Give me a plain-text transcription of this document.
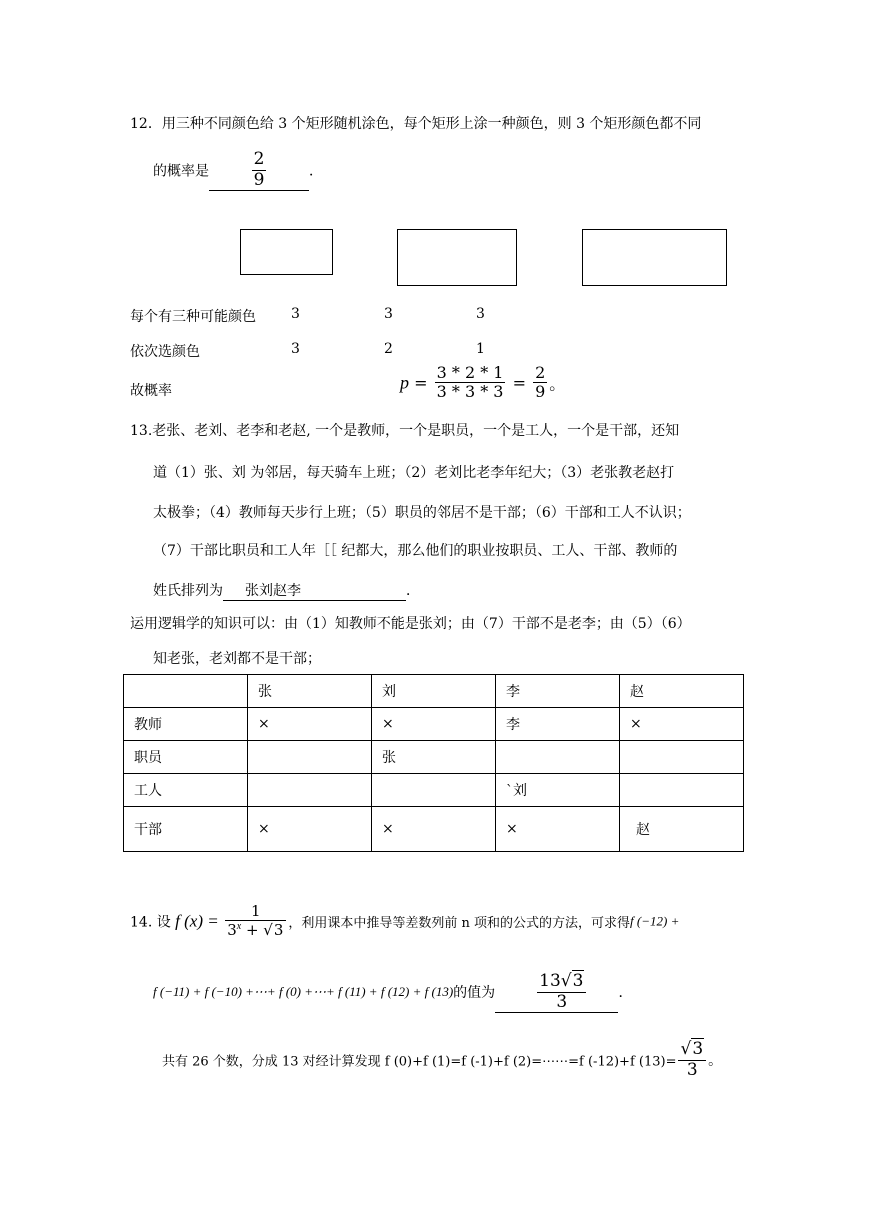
12．用三种不同颜色给 3 个矩形随机涂色，每个矩形上涂一种颜色，则 3 个矩形颜色都不同
的概率是	$\frac{2}{9}$	．
每个有三种可能颜色	3	3	3
依次选颜色	3	2	1
故概率	$p = \frac{3 * 2 * 1}{3 * 3 * 3} = \frac{2}{9}$ 。
13.老张、老刘、老李和老赵, 一个是教师，一个是职员，一个是工人，一个是干部，还知
道（1）张、刘 为邻居，每天骑车上班；（2）老刘比老李年纪大；（3）老张教老赵打
太极拳；（4）教师每天步行上班；（5）职员的邻居不是干部；（6）干部和工人不认识；
（7）干部比职员和工人年［［ 纪都大，那么他们的职业按职员、工人、干部、教师的
姓氏排列为 张刘赵李	．
运用逻辑学的知识可以：由（1）知教师不能是张刘；由（7）干部不是老李；由（5）（6）
知老张，老刘都不是干部；
	张	刘	李	赵
教师	×	×	李	×
职员		张		
工人			`刘	
干部	×	×	×	赵
14. 设 f $(x) = \frac{1}{3^x + √3}$ ，利用课本中推导等差数列前 n 项和的公式的方法，可求得f (−12) +
f (−11) + f (−10) +⋯+ f (0) +⋯+ f (11) + f (12) + f (13)的值为 $\frac{13√3}{3}$ ．
共有 26 个数，分成 13 对经计算发现 f (0)+f (1)=f (-1)+f (2)=⋯⋯=f (-12)+f $(13)= \frac{√3}{3}$ 。
